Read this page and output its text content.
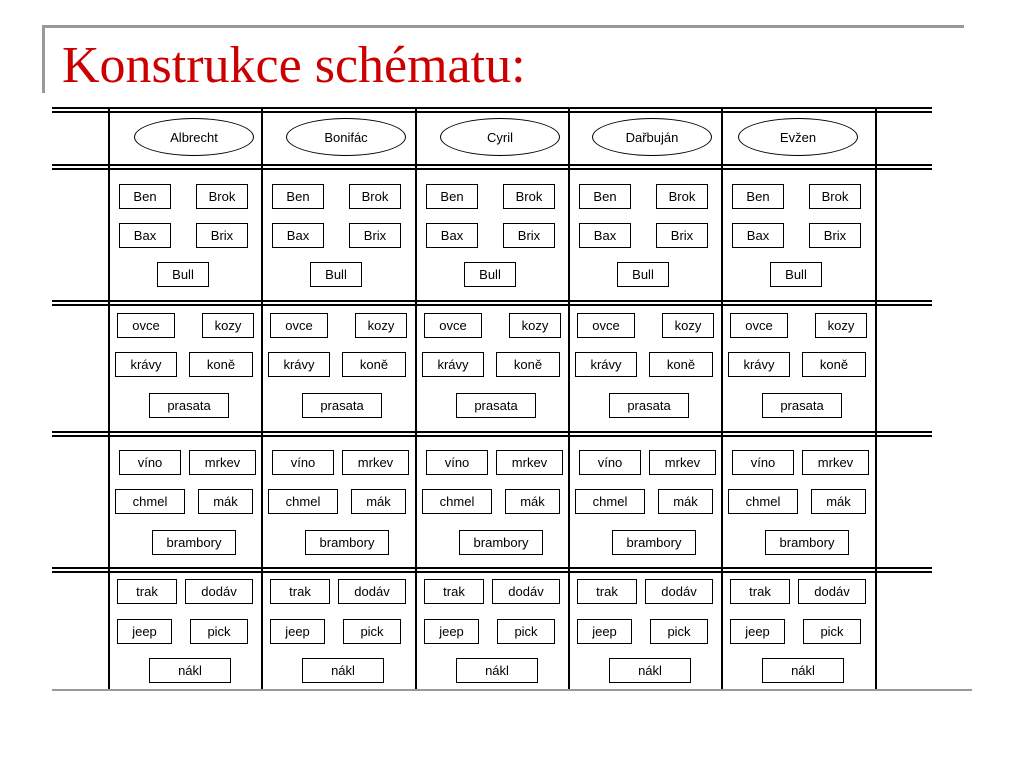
Konstrukce schématu:
Albrecht	Bonifác	Cyril	Dařbuján	Evžen
Ben	Brok
Bax	Brix
Bull
Ben	Brok
Bax	Brix
Bull
Ben	Brok
Bax	Brix
Bull
Ben	Brok
Bax	Brix
Bull
Ben	Brok
Bax	Brix
Bull
ovce	kozy
krávy	koně
prasata
ovce	kozy
krávy	koně
prasata
ovce	kozy
krávy	koně
prasata
ovce	kozy
krávy	koně
prasata
ovce	kozy
krávy	koně
prasata
víno	mrkev
chmel	mák
brambory
víno	mrkev
chmel	mák
brambory
víno	mrkev
chmel	mák
brambory
víno	mrkev
chmel	mák
brambory
víno	mrkev
chmel	mák
brambory
trak	dodáv
jeep	pick
nákl
trak	dodáv
jeep	pick
nákl
trak	dodáv
jeep	pick
nákl
trak	dodáv
jeep	pick
nákl
trak	dodáv
jeep	pick
nákl
